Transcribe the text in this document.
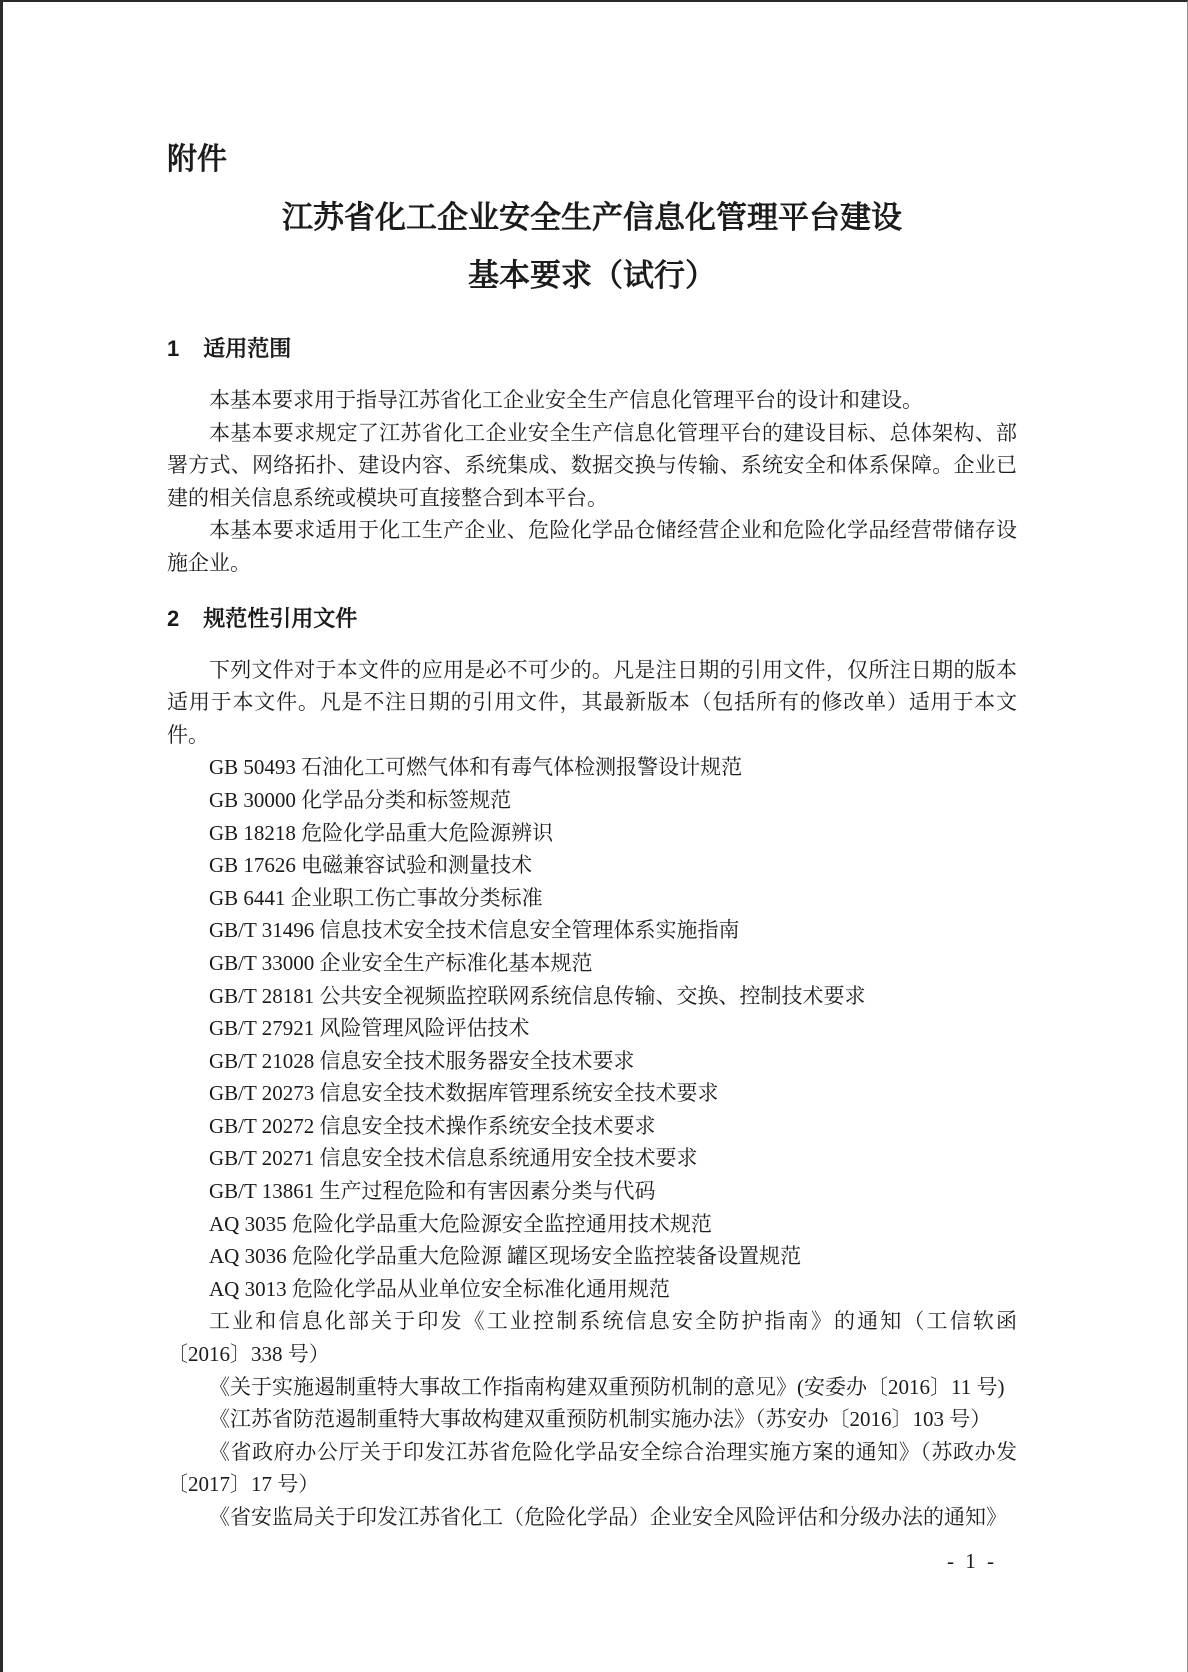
附件
江苏省化工企业安全生产信息化管理平台建设
基本要求（试行）
1 适用范围

本基本要求用于指导江苏省化工企业安全生产信息化管理平台的设计和建设。

本基本要求规定了江苏省化工企业安全生产信息化管理平台的建设目标、总体架构、部署方式、网络拓扑、建设内容、系统集成、数据交换与传输、系统安全和体系保障。企业已建的相关信息系统或模块可直接整合到本平台。

本基本要求适用于化工生产企业、危险化学品仓储经营企业和危险化学品经营带储存设施企业。

2 规范性引用文件

下列文件对于本文件的应用是必不可少的。凡是注日期的引用文件，仅所注日期的版本适用于本文件。凡是不注日期的引用文件，其最新版本（包括所有的修改单）适用于本文件。

GB 50493 石油化工可燃气体和有毒气体检测报警设计规范

GB 30000 化学品分类和标签规范

GB 18218 危险化学品重大危险源辨识

GB 17626 电磁兼容试验和测量技术

GB 6441 企业职工伤亡事故分类标准

GB/T 31496 信息技术安全技术信息安全管理体系实施指南

GB/T 33000 企业安全生产标准化基本规范

GB/T 28181 公共安全视频监控联网系统信息传输、交换、控制技术要求

GB/T 27921 风险管理风险评估技术

GB/T 21028 信息安全技术服务器安全技术要求

GB/T 20273 信息安全技术数据库管理系统安全技术要求

GB/T 20272 信息安全技术操作系统安全技术要求

GB/T 20271 信息安全技术信息系统通用安全技术要求

GB/T 13861 生产过程危险和有害因素分类与代码

AQ 3035 危险化学品重大危险源安全监控通用技术规范

AQ 3036 危险化学品重大危险源 罐区现场安全监控装备设置规范

AQ 3013 危险化学品从业单位安全标准化通用规范

工业和信息化部关于印发《工业控制系统信息安全防护指南》的通知（工信软函〔2016〕338 号）

《关于实施遏制重特大事故工作指南构建双重预防机制的意见》(安委办〔2016〕11 号)

《江苏省防范遏制重特大事故构建双重预防机制实施办法》（苏安办〔2016〕103 号）

《省政府办公厅关于印发江苏省危险化学品安全综合治理实施方案的通知》（苏政办发〔2017〕17 号）

《省安监局关于印发江苏省化工（危险化学品）企业安全风险评估和分级办法的通知》

- 1 -
